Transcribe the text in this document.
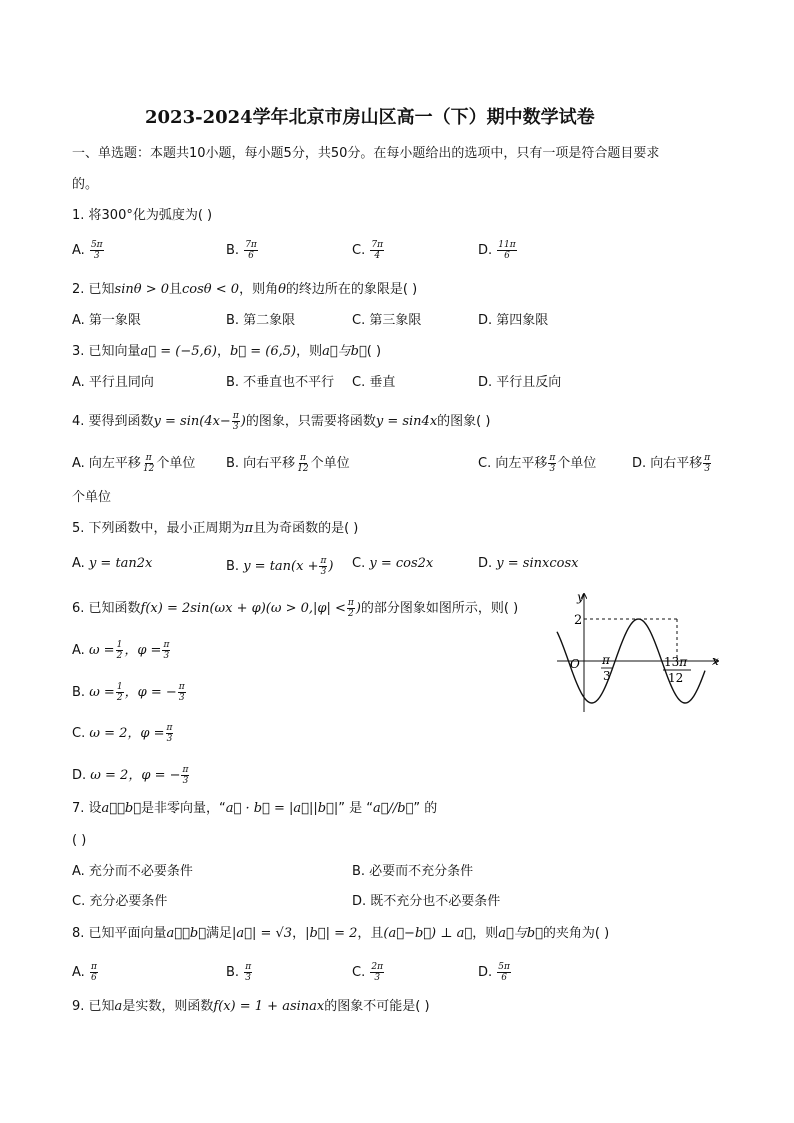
2023-2024学年北京市房山区高一（下）期中数学试卷
一、单选题：本题共10小题，每小题5分，共50分。在每小题给出的选项中，只有一项是符合题目要求
的。
1. 将300°化为弧度为( )
A. $\frac{5\pi}{3}$	B. $\frac{7\pi}{6}$	C. $\frac{7\pi}{4}$	D. $\frac{11\pi}{6}$
2. 已知sinθ > 0且cosθ < 0，则角θ的终边所在的象限是( )
A. 第一象限	B. 第二象限	C. 第三象限	D. 第四象限
3. 已知向量a⃗ = (−5,6)，b⃗ = (6,5)，则a⃗与b⃗( )
A. 平行且同向	B. 不垂直也不平行 C. 垂直	D. 平行且反向
4. 要得到函数$y = \sin(4x- \frac{\pi}{3}$ )的图象，只需要将函数y = sin4x的图象( )
A. 向左平移 $\frac{\pi}{12}$ 个单位 B. 向右平移 $\frac{\pi}{12}$ 个单位	C. 向左平移 $\frac{\pi}{3}$ 个单位	D. 向右平移 $\frac{\pi}{3}$
个单位
5. 下列函数中，最小正周期为π且为奇函数的是( )
A. y = tan2x	B. $y = \tan(x + \frac{\pi}{3}$ ) C. y = cos2x	D. y = sinxcosx
6. 已知函数$f(x) = 2\sin(\omega x + \varphi)(\omega > 0,|\varphi| < \frac{\pi}{2}$ )的部分图象如图所示，则( )
A. $\omega = \frac{1}{2}$ ，$\varphi = \frac{\pi}{3}$
B. $\omega = \frac{1}{2}$ ，φ = − $\frac{\pi}{3}$
C. ω = 2，$\varphi = \frac{\pi}{3}$
D. ω = 2，φ = − $\frac{\pi}{3}$
y
x
O
2
π
3
13π
12
7. 设a⃗，b⃗是非零向量，“a⃗ · b⃗ = |a⃗||b⃗|” 是 “a⃗//b⃗” 的
( )
A. 充分而不必要条件	B. 必要而不充分条件
C. 充分必要条件	D. 既不充分也不必要条件
8. 已知平面向量a⃗，b⃗满足|a⃗| = √3，|b⃗| = 2，且(a⃗−b⃗) ⊥ a⃗，则a⃗与b⃗的夹角为( )
A. $\frac{\pi}{6}$	B. $\frac{\pi}{3}$	C. $\frac{2\pi}{3}$	D. $\frac{5\pi}{6}$
9. 已知a是实数，则函数f(x) = 1 + asinax的图象不可能是( )
